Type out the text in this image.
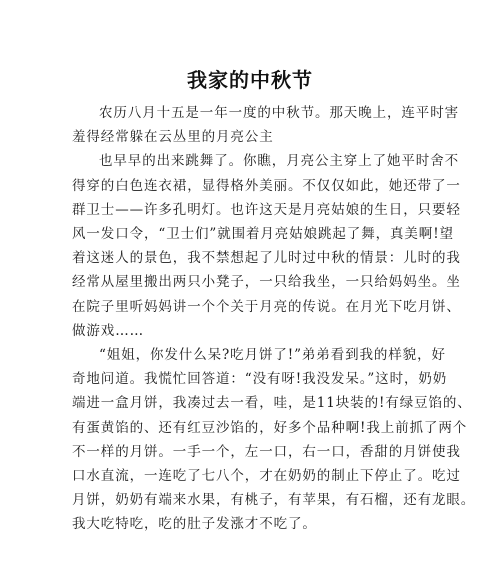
我家的中秋节

农历八月十五是一年一度的中秋节。那天晚上，连平时害
羞得经常躲在云丛里的月亮公主

也早早的出来跳舞了。你瞧，月亮公主穿上了她平时舍不
得穿的白色连衣裙，显得格外美丽。不仅仅如此，她还带了一
群卫士——许多孔明灯。也许这天是月亮姑娘的生日，只要轻
风一发口令，“卫士们”就围着月亮姑娘跳起了舞，真美啊!望
着这迷人的景色，我不禁想起了儿时过中秋的情景：儿时的我
经常从屋里搬出两只小凳子，一只给我坐，一只给妈妈坐。坐
在院子里听妈妈讲一个个关于月亮的传说。在月光下吃月饼、
做游戏……

“姐姐，你发什么呆?吃月饼了!”弟弟看到我的样貌，好
奇地问道。我慌忙回答道：“没有呀!我没发呆。”这时，奶奶
端进一盒月饼，我凑过去一看，哇，是11块装的!有绿豆馅的、
有蛋黄馅的、还有红豆沙馅的，好多个品种啊!我上前抓了两个
不一样的月饼。一手一个，左一口，右一口，香甜的月饼使我
口水直流，一连吃了七八个，才在奶奶的制止下停止了。吃过
月饼，奶奶有端来水果，有桃子，有苹果，有石榴，还有龙眼。
我大吃特吃，吃的肚子发涨才不吃了。
